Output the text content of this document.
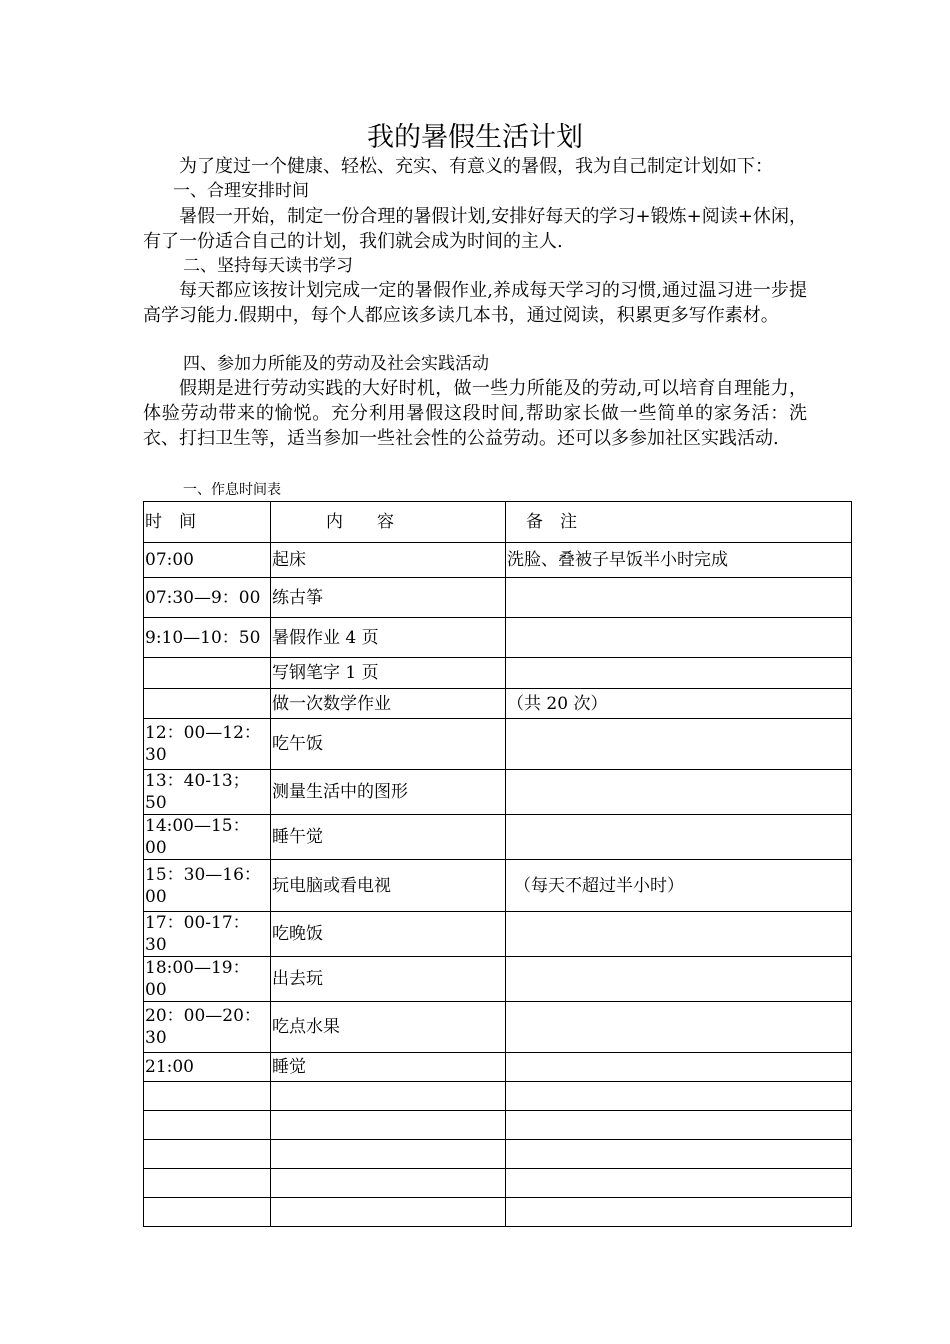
我的暑假生活计划
为了度过一个健康、轻松、充实、有意义的暑假，我为自己制定计划如下：
一、合理安排时间
暑假一开始，制定一份合理的暑假计划,安排好每天的学习+锻炼+阅读+休闲，有了一份适合自己的计划，我们就会成为时间的主人.
二、坚持每天读书学习
每天都应该按计划完成一定的暑假作业,养成每天学习的习惯,通过温习进一步提高学习能力.假期中，每个人都应该多读几本书，通过阅读，积累更多写作素材。
四、参加力所能及的劳动及社会实践活动
假期是进行劳动实践的大好时机，做一些力所能及的劳动,可以培育自理能力，体验劳动带来的愉悦。充分利用暑假这段时间,帮助家长做一些简单的家务活：洗衣、打扫卫生等，适当参加一些社会性的公益劳动。还可以多参加社区实践活动.
一、作息时间表
时　间	内　　容	备　注
07:00	起床	洗脸、叠被子早饭半小时完成
07:30—9：00	练古筝	
9:10—10：50	暑假作业 4 页	
	写钢笔字 1 页	
	做一次数学作业	（共 20 次）
12：00—12：30	吃午饭	
13：40-13；50	测量生活中的图形	
14:00—15：00	睡午觉	
15：30—16：00	玩电脑或看电视	（每天不超过半小时）
17：00-17：30	吃晚饭	
18:00—19：00	出去玩	
20：00—20：30	吃点水果	
21:00	睡觉	
